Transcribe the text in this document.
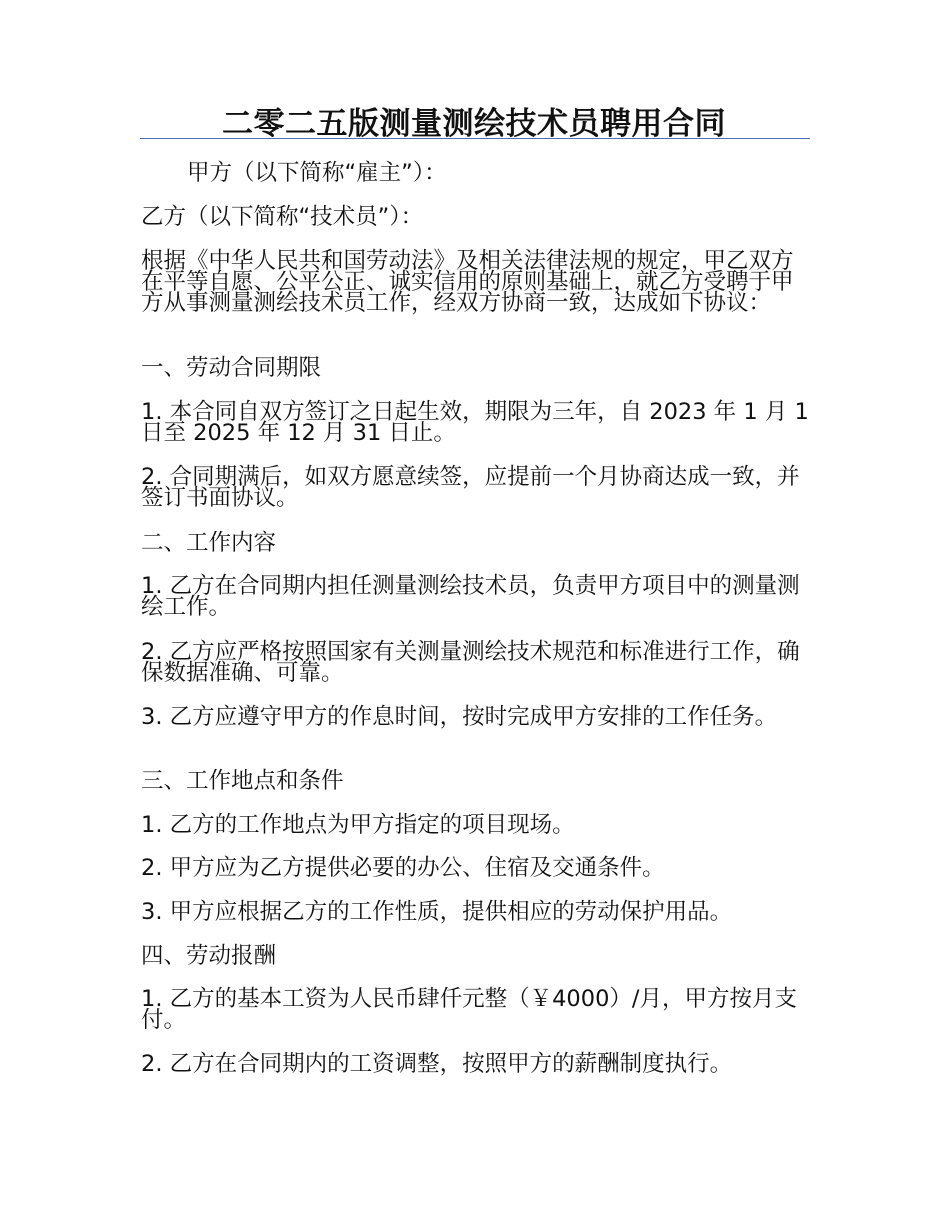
二零二五版测量测绘技术员聘用合同

甲方（以下简称“雇主”）：

乙方（以下简称“技术员”）：

根据《中华人民共和国劳动法》及相关法律法规的规定，甲乙双方在平等自愿、公平公正、诚实信用的原则基础上，就乙方受聘于甲方从事测量测绘技术员工作，经双方协商一致，达成如下协议：

一、劳动合同期限

1. 本合同自双方签订之日起生效，期限为三年，自 2023 年 1 月 1 日至 2025 年 12 月 31 日止。

2. 合同期满后，如双方愿意续签，应提前一个月协商达成一致，并签订书面协议。

二、工作内容

1. 乙方在合同期内担任测量测绘技术员，负责甲方项目中的测量测绘工作。

2. 乙方应严格按照国家有关测量测绘技术规范和标准进行工作，确保数据准确、可靠。

3. 乙方应遵守甲方的作息时间，按时完成甲方安排的工作任务。

三、工作地点和条件

1. 乙方的工作地点为甲方指定的项目现场。

2. 甲方应为乙方提供必要的办公、住宿及交通条件。

3. 甲方应根据乙方的工作性质，提供相应的劳动保护用品。

四、劳动报酬

1. 乙方的基本工资为人民币肆仟元整（￥4000）/月，甲方按月支付。

2. 乙方在合同期内的工资调整，按照甲方的薪酬制度执行。
